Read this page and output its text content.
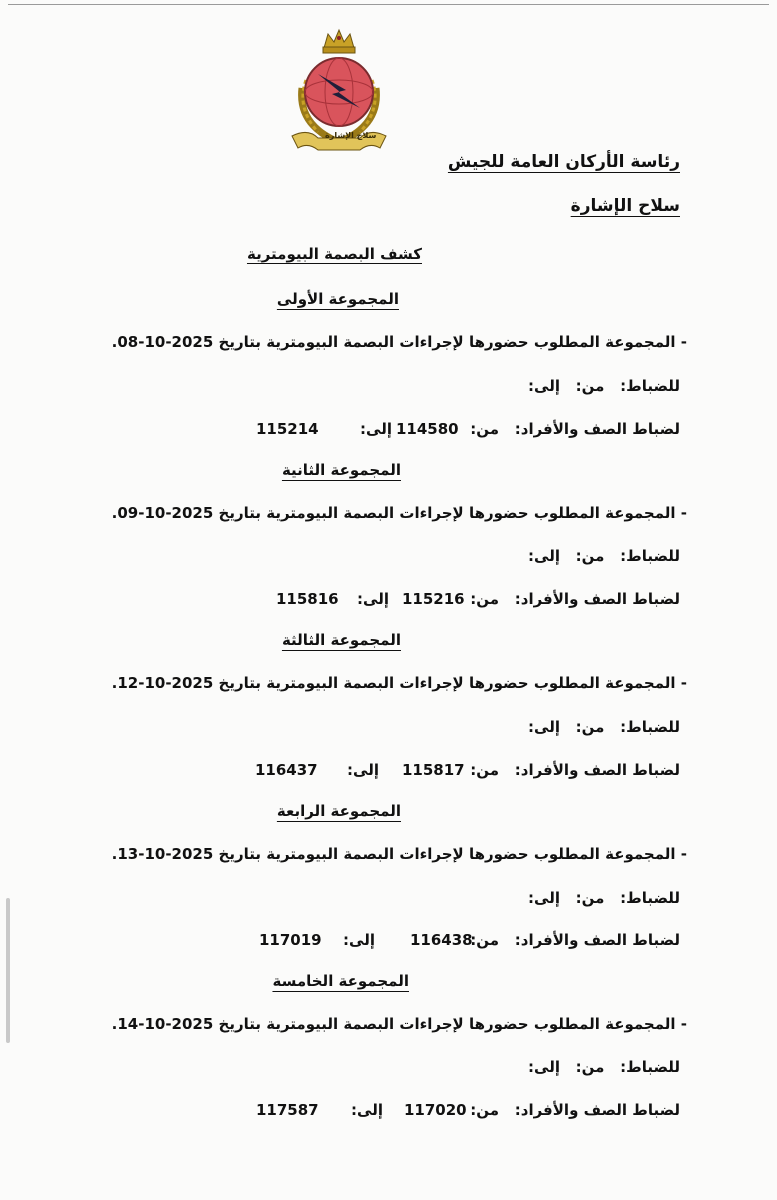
سلاح الإشارة
رئاسة الأركان العامة للجيش
سلاح الإشارة
كشف البصمة البيومترية
المجموعة الأولى
- المجموعة المطلوب حضورها لإجراءات البصمة البيومترية بتاريخ 2025-10-08.
للضباط:   من:   إلى:
لضباط الصف والأفراد:   من:
114580
إلى:
115214
المجموعة الثانية
- المجموعة المطلوب حضورها لإجراءات البصمة البيومترية بتاريخ 2025-10-09.
للضباط:   من:   إلى:
لضباط الصف والأفراد:   من:
115216
إلى:
115816
المجموعة الثالثة
- المجموعة المطلوب حضورها لإجراءات البصمة البيومترية بتاريخ 2025-10-12.
للضباط:   من:   إلى:
لضباط الصف والأفراد:   من:
115817
إلى:
116437
المجموعة الرابعة
- المجموعة المطلوب حضورها لإجراءات البصمة البيومترية بتاريخ 2025-10-13.
للضباط:   من:   إلى:
لضباط الصف والأفراد:   من:
116438
إلى:
117019
المجموعة الخامسة
- المجموعة المطلوب حضورها لإجراءات البصمة البيومترية بتاريخ 2025-10-14.
للضباط:   من:   إلى:
لضباط الصف والأفراد:   من:
117020
إلى:
117587
